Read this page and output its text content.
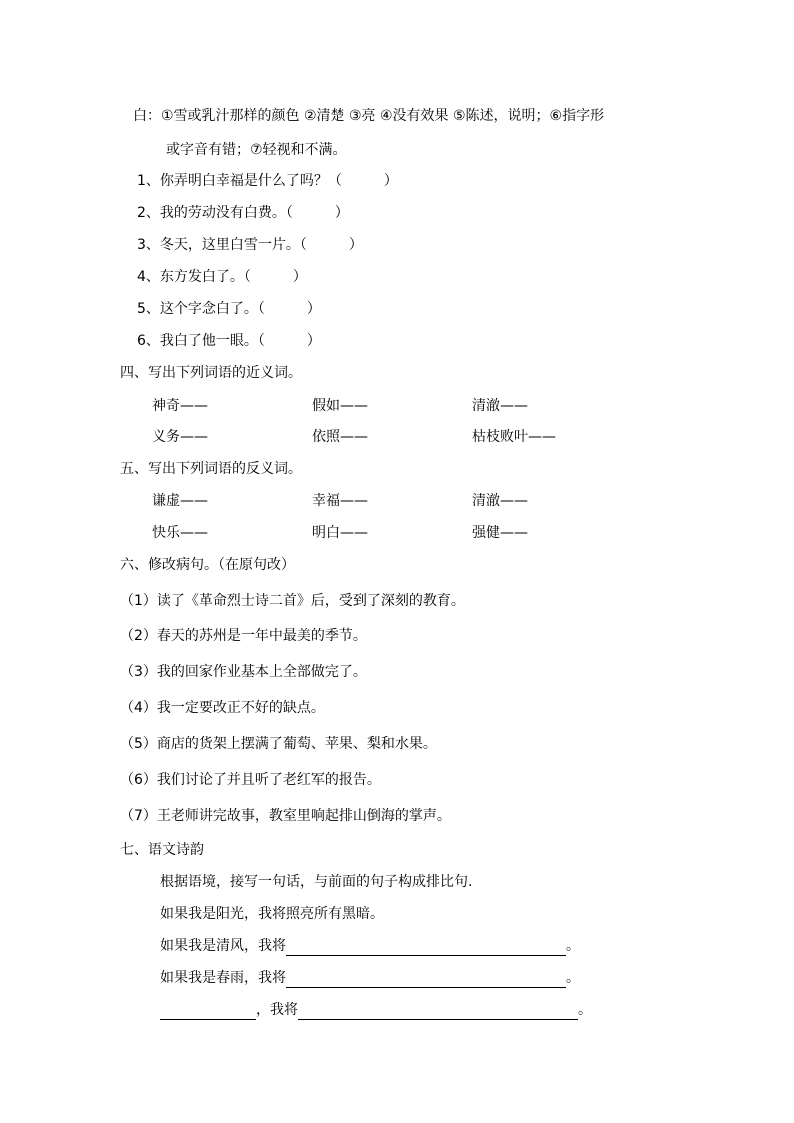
白：①雪或乳汁那样的颜色 ②清楚 ③亮 ④没有效果 ⑤陈述，说明；⑥指字形
或字音有错；⑦轻视和不满。
1、你弄明白幸福是什么了吗？（　　　）
2、我的劳动没有白费。（　　　）
3、冬天，这里白雪一片。（　　　）
4、东方发白了。（　　　）
5、这个字念白了。（　　　）
6、我白了他一眼。（　　　）
四、写出下列词语的近义词。
神奇——	假如——	清澈——
义务——	依照——	枯枝败叶——
五、写出下列词语的反义词。
谦虚——	幸福——	清澈——
快乐——	明白——	强健——
六、修改病句。（在原句改）
（1）读了《革命烈士诗二首》后，受到了深刻的教育。
（2）春天的苏州是一年中最美的季节。
（3）我的回家作业基本上全部做完了。
（4）我一定要改正不好的缺点。
（5）商店的货架上摆满了葡萄、苹果、梨和水果。
（6）我们讨论了并且听了老红军的报告。
（7）王老师讲完故事，教室里响起排山倒海的掌声。
七、语文诗韵
根据语境，接写一句话，与前面的句子构成排比句.
如果我是阳光，我将照亮所有黑暗。
如果我是清风，我将	。
如果我是春雨，我将	。
，我将	。
